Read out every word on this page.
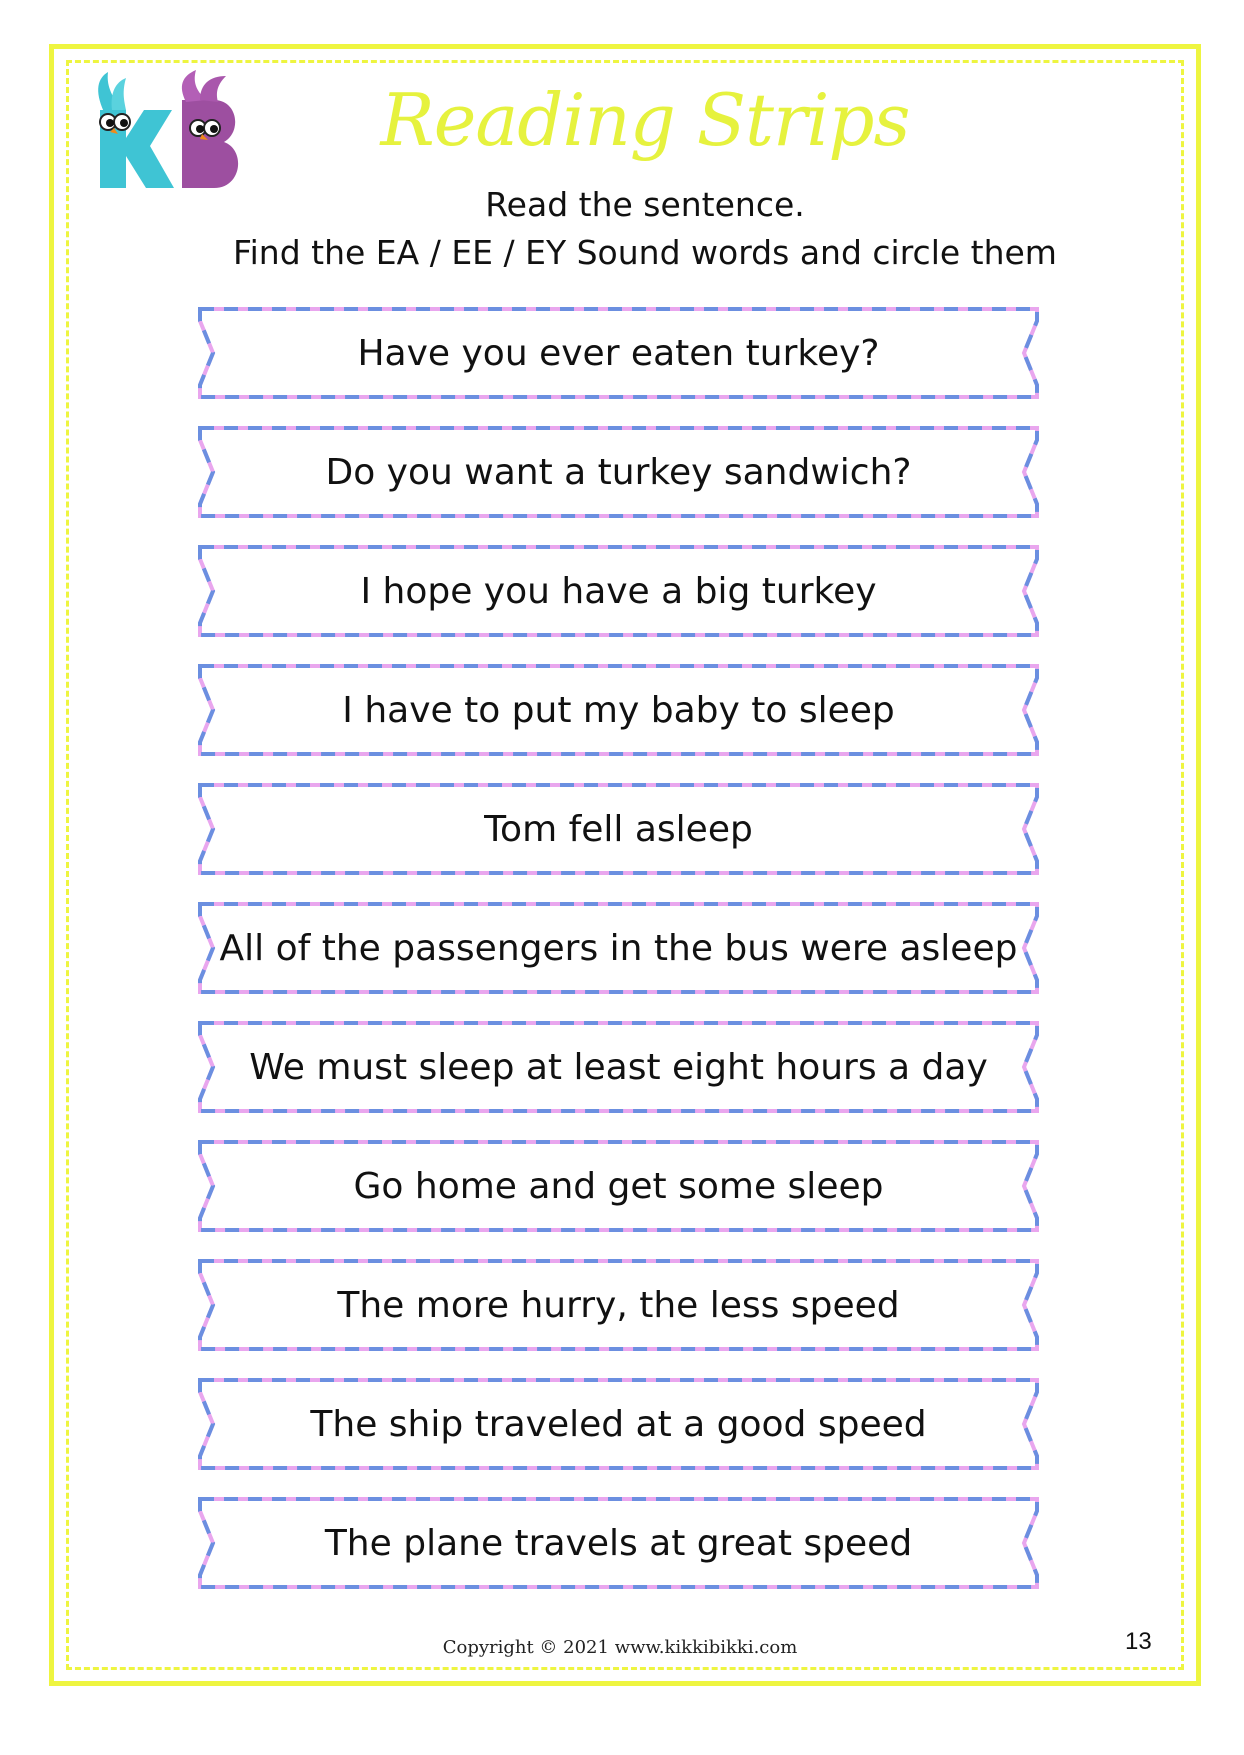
Reading Strips
Read the sentence.
Find the EA / EE / EY Sound words and circle them
Have you ever eaten turkey?
Do you want a turkey sandwich?
I hope you have a big turkey
I have to put my baby to sleep
Tom fell asleep
All of the passengers in the bus were asleep
We must sleep at least eight hours a day
Go home and get some sleep
The more hurry, the less speed
The ship traveled at a good speed
The plane travels at great speed
Copyright © 2021 www.kikkibikki.com	13
